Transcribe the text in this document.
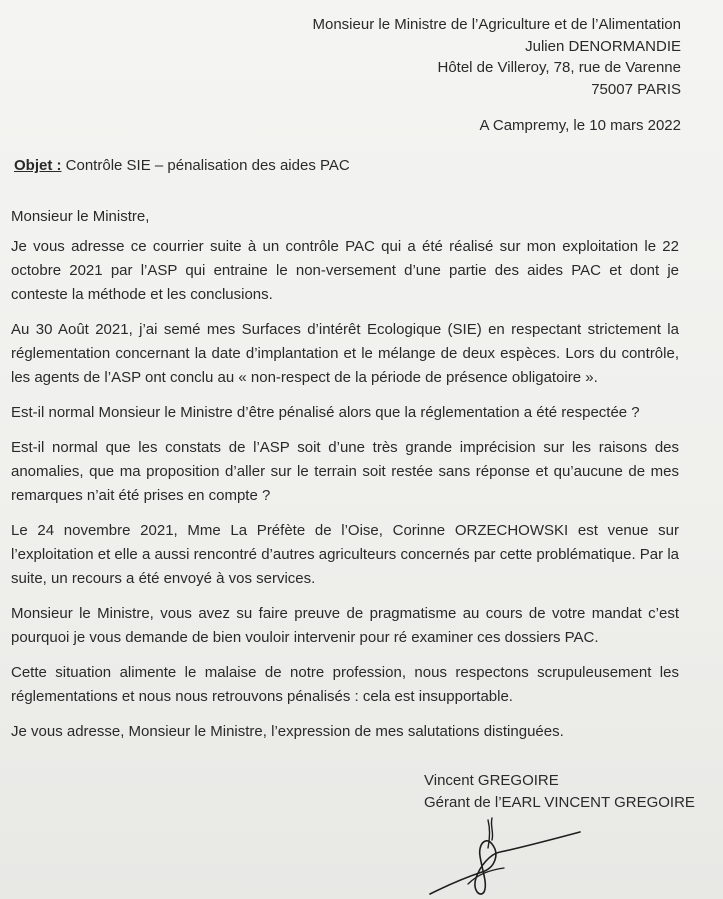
Monsieur le Ministre de l’Agriculture et de l’Alimentation
Julien DENORMANDIE
Hôtel de Villeroy, 78, rue de Varenne
75007 PARIS
A Campremy, le 10 mars 2022
Objet : Contrôle SIE – pénalisation des aides PAC
Monsieur le Ministre,

Je vous adresse ce courrier suite à un contrôle PAC qui a été réalisé sur mon exploitation le 22 octobre 2021 par l’ASP qui entraine le non-versement d’une partie des aides PAC et dont je conteste la méthode et les conclusions.

Au 30 Août 2021, j’ai semé mes Surfaces d’intérêt Ecologique (SIE) en respectant strictement la réglementation concernant la date d’implantation et le mélange de deux espèces. Lors du contrôle, les agents de l’ASP ont conclu au « non-respect de la période de présence obligatoire ».

Est-il normal Monsieur le Ministre d’être pénalisé alors que la réglementation a été respectée ?

Est-il normal que les constats de l’ASP soit d’une très grande imprécision sur les raisons des anomalies, que ma proposition d’aller sur le terrain soit restée sans réponse et qu’aucune de mes remarques n’ait été prises en compte ?

Le 24 novembre 2021, Mme La Préfète de l’Oise, Corinne ORZECHOWSKI est venue sur l’exploitation et elle a aussi rencontré d’autres agriculteurs concernés par cette problématique. Par la suite, un recours a été envoyé à vos services.

Monsieur le Ministre, vous avez su faire preuve de pragmatisme au cours de votre mandat c’est pourquoi je vous demande de bien vouloir intervenir pour ré examiner ces dossiers PAC.

Cette situation alimente le malaise de notre profession, nous respectons scrupuleusement les réglementations et nous nous retrouvons pénalisés : cela est insupportable.

Je vous adresse, Monsieur le Ministre, l’expression de mes salutations distinguées.

Vincent GREGOIRE
Gérant de l’EARL VINCENT GREGOIRE
